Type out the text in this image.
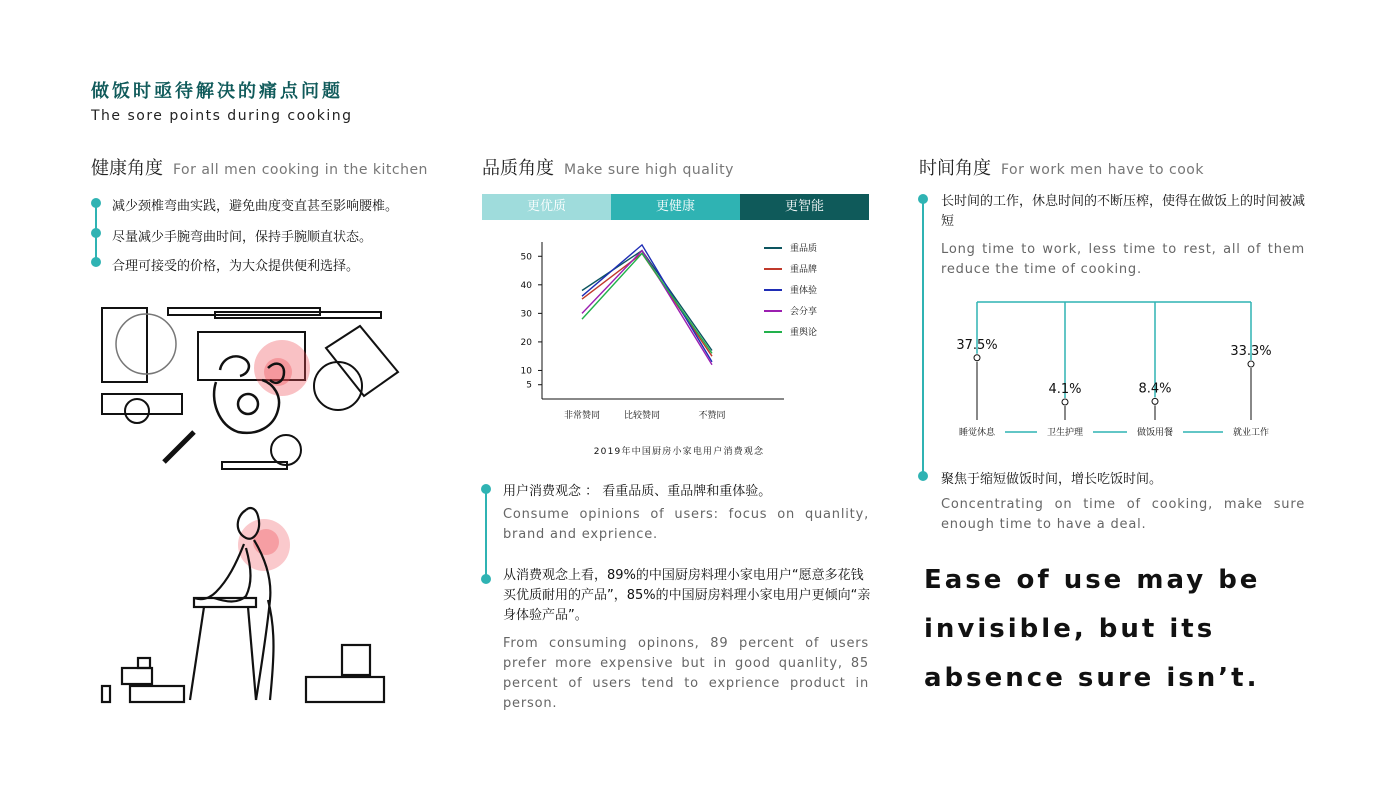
做饭时亟待解决的痛点问题
The sore points during cooking
健康角度 For all men cooking in the kitchen
减少颈椎弯曲实践，避免曲度变直甚至影响腰椎。
尽量减少手腕弯曲时间，保持手腕顺直状态。
合理可接受的价格，为大众提供便利选择。
品质角度 Make sure high quality
更优质	更健康	更智能
5
10
20
30
40
50
非常赞同	比较赞同	不赞同
重品质
重品牌
重体验
会分享
重舆论
2019年中国厨房小家电用户消费观念
用户消费观念 ： 看重品质、重品牌和重体验。
Consume opinions of users: focus on quanlity, brand and exprience.
从消费观念上看，89%的中国厨房料理小家电用户“愿意多花钱买优质耐用的产品”，85%的中国厨房料理小家电用户更倾向“亲身体验产品”。
From consuming opinons, 89 percent of users prefer more expensive but in good quanlity, 85 percent of users tend to exprience product in person.
时间角度 For work men have to cook
长时间的工作，休息时间的不断压榨，使得在做饭上的时间被减短
Long time to work, less time to rest, all of them reduce the time of cooking.
37.5%
睡觉休息
4.1%
卫生护理
8.4%
做饭用餐
33.3%
就业工作
聚焦于缩短做饭时间，增长吃饭时间。
Concentrating on time of cooking, make sure enough time to have a deal.
Ease of use may be
invisible, but its
absence sure isn’t.
